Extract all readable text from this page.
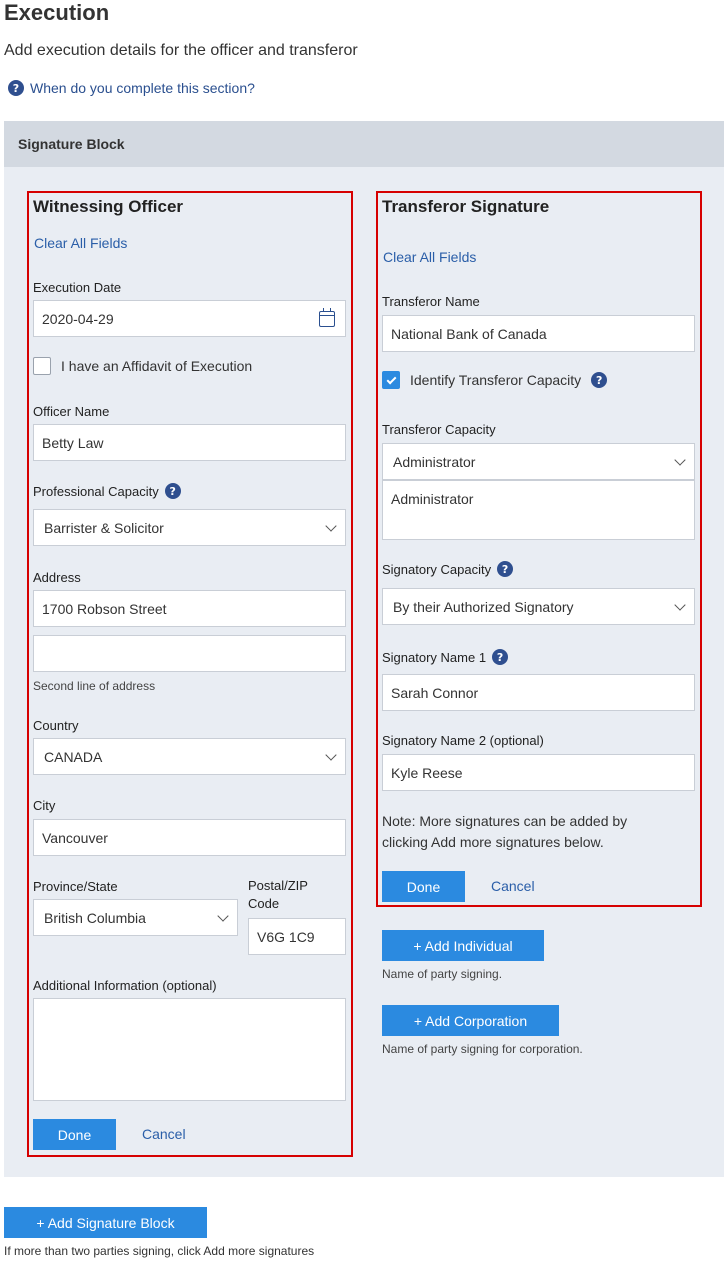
Execution
Add execution details for the officer and transferor
? When do you complete this section?
Signature Block
Witnessing Officer
Clear All Fields
Execution Date
2020-04-29
I have an Affidavit of Execution
Officer Name
Betty Law
Professional Capacity ?
Barrister & Solicitor
Address
1700 Robson Street
Second line of address
Country
CANADA
City
Vancouver
Province/State
British Columbia
Postal/ZIP Code
V6G 1C9
Additional Information (optional)
Done	Cancel
Transferor Signature
Clear All Fields
Transferor Name
National Bank of Canada
Identify Transferor Capacity	?
Transferor Capacity
Administrator
Administrator
Signatory Capacity ?
By their Authorized Signatory
Signatory Name 1 ?
Sarah Connor
Signatory Name 2 (optional)
Kyle Reese
Note: More signatures can be added by clicking Add more signatures below.
Done	Cancel
+ Add Individual
Name of party signing.
+ Add Corporation
Name of party signing for corporation.
+ Add Signature Block
If more than two parties signing, click Add more signatures
